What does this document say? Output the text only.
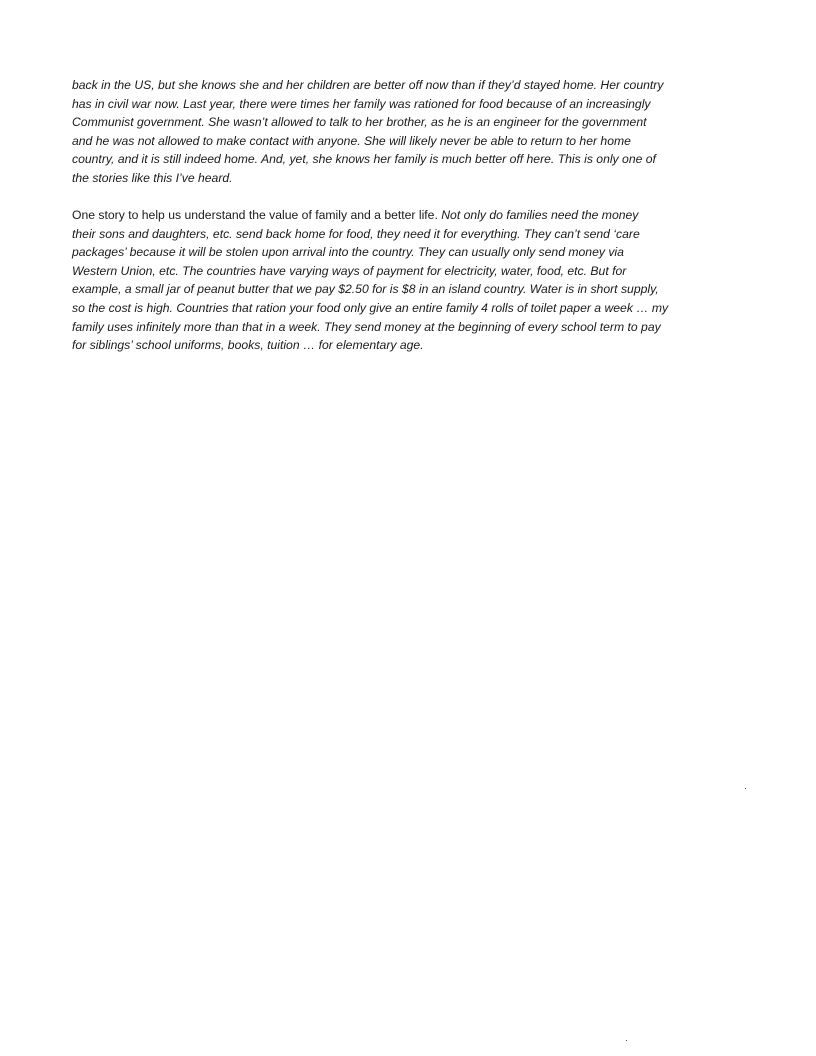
back in the US, but she knows she and her children are better off now than if they’d stayed home. Her country
has in civil war now. Last year, there were times her family was rationed for food because of an increasingly
Communist government. She wasn’t allowed to talk to her brother, as he is an engineer for the government
and he was not allowed to make contact with anyone. She will likely never be able to return to her home
country, and it is still indeed home. And, yet, she knows her family is much better off here. This is only one of
the stories like this I’ve heard.

One story to help us understand the value of family and a better life. Not only do families need the money
their sons and daughters, etc. send back home for food, they need it for everything. They can’t send ‘care
packages’ because it will be stolen upon arrival into the country. They can usually only send money via
Western Union, etc. The countries have varying ways of payment for electricity, water, food, etc. But for
example, a small jar of peanut butter that we pay $2.50 for is $8 in an island country. Water is in short supply,
so the cost is high. Countries that ration your food only give an entire family 4 rolls of toilet paper a week … my
family uses infinitely more than that in a week. They send money at the beginning of every school term to pay
for siblings’ school uniforms, books, tuition … for elementary age.
